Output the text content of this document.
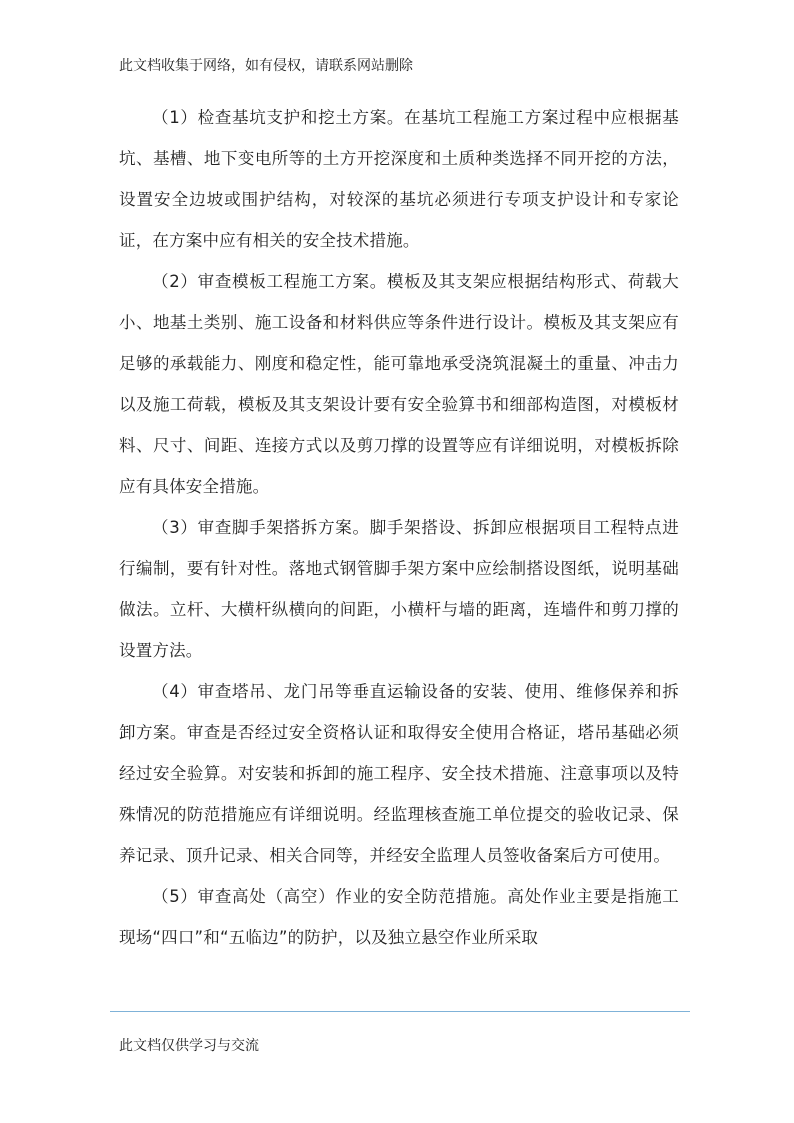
此文档收集于网络，如有侵权，请联系网站删除

（1）检查基坑支护和挖土方案。在基坑工程施工方案过程中应根据基坑、基槽、地下变电所等的土方开挖深度和土质种类选择不同开挖的方法，设置安全边坡或围护结构，对较深的基坑必须进行专项支护设计和专家论证，在方案中应有相关的安全技术措施。

（2）审查模板工程施工方案。模板及其支架应根据结构形式、荷载大小、地基土类别、施工设备和材料供应等条件进行设计。模板及其支架应有足够的承载能力、刚度和稳定性，能可靠地承受浇筑混凝土的重量、冲击力以及施工荷载，模板及其支架设计要有安全验算书和细部构造图，对模板材料、尺寸、间距、连接方式以及剪刀撑的设置等应有详细说明，对模板拆除应有具体安全措施。

（3）审查脚手架搭拆方案。脚手架搭设、拆卸应根据项目工程特点进行编制，要有针对性。落地式钢管脚手架方案中应绘制搭设图纸，说明基础做法。立杆、大横杆纵横向的间距，小横杆与墙的距离，连墙件和剪刀撑的设置方法。

（4）审查塔吊、龙门吊等垂直运输设备的安装、使用、维修保养和拆卸方案。审查是否经过安全资格认证和取得安全使用合格证，塔吊基础必须经过安全验算。对安装和拆卸的施工程序、安全技术措施、注意事项以及特殊情况的防范措施应有详细说明。经监理核查施工单位提交的验收记录、保养记录、顶升记录、相关合同等，并经安全监理人员签收备案后方可使用。

（5）审查高处（高空）作业的安全防范措施。高处作业主要是指施工现场“四口”和“五临边”的防护，以及独立悬空作业所采取

此文档仅供学习与交流
